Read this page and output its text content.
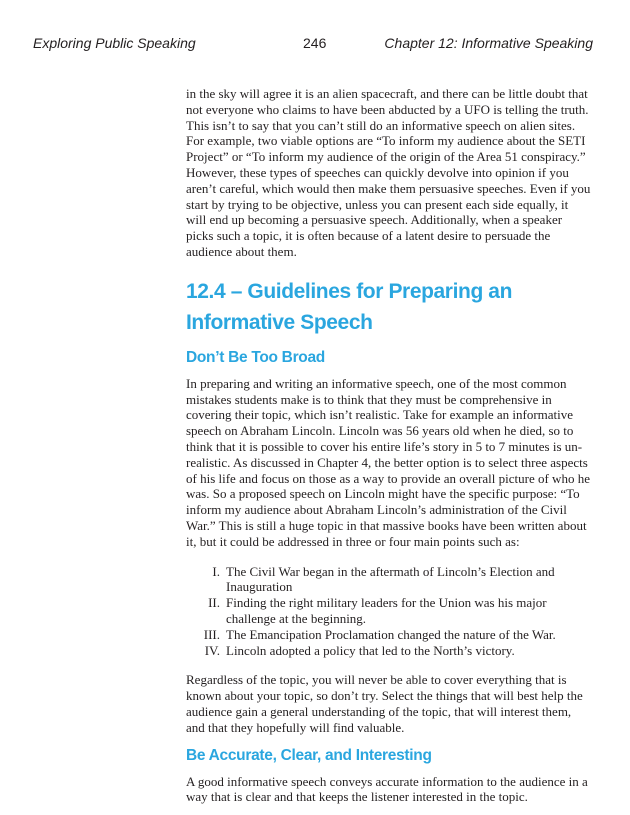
Exploring Public Speaking	246	Chapter 12: Informative Speaking

in the sky will agree it is an alien spacecraft, and there can be little doubt that not everyone who claims to have been abducted by a UFO is telling the truth. This isn’t to say that you can’t still do an informative speech on alien sites. For example, two viable options are “To inform my audience about the SETI Project” or “To inform my audience of the origin of the Area 51 conspiracy.” However, these types of speeches can quickly devolve into opinion if you aren’t careful, which would then make them persuasive speeches. Even if you start by trying to be objective, unless you can present each side equally, it will end up becoming a persuasive speech. Additionally, when a speaker picks such a topic, it is often because of a latent desire to persuade the audience about them.

12.4 – Guidelines for Preparing an Informative Speech
Don’t Be Too Broad

In preparing and writing an informative speech, one of the most common mistakes students make is to think that they must be comprehensive in covering their topic, which isn’t realistic. Take for example an informative speech on Abraham Lincoln. Lincoln was 56 years old when he died, so to think that it is possible to cover his entire life’s story in 5 to 7 minutes is un-realistic. As discussed in Chapter 4, the better option is to select three aspects of his life and focus on those as a way to provide an overall picture of who he was. So a proposed speech on Lincoln might have the specific purpose: “To inform my audience about Abraham Lincoln’s administration of the Civil War.” This is still a huge topic in that massive books have been written about it, but it could be addressed in three or four main points such as:

I. The Civil War began in the aftermath of Lincoln’s Election and Inauguration
II. Finding the right military leaders for the Union was his major challenge at the beginning.
III. The Emancipation Proclamation changed the nature of the War.
IV. Lincoln adopted a policy that led to the North’s victory.

Regardless of the topic, you will never be able to cover everything that is known about your topic, so don’t try. Select the things that will best help the audience gain a general understanding of the topic, that will interest them, and that they hopefully will find valuable.

Be Accurate, Clear, and Interesting

A good informative speech conveys accurate information to the audience in a way that is clear and that keeps the listener interested in the topic.
